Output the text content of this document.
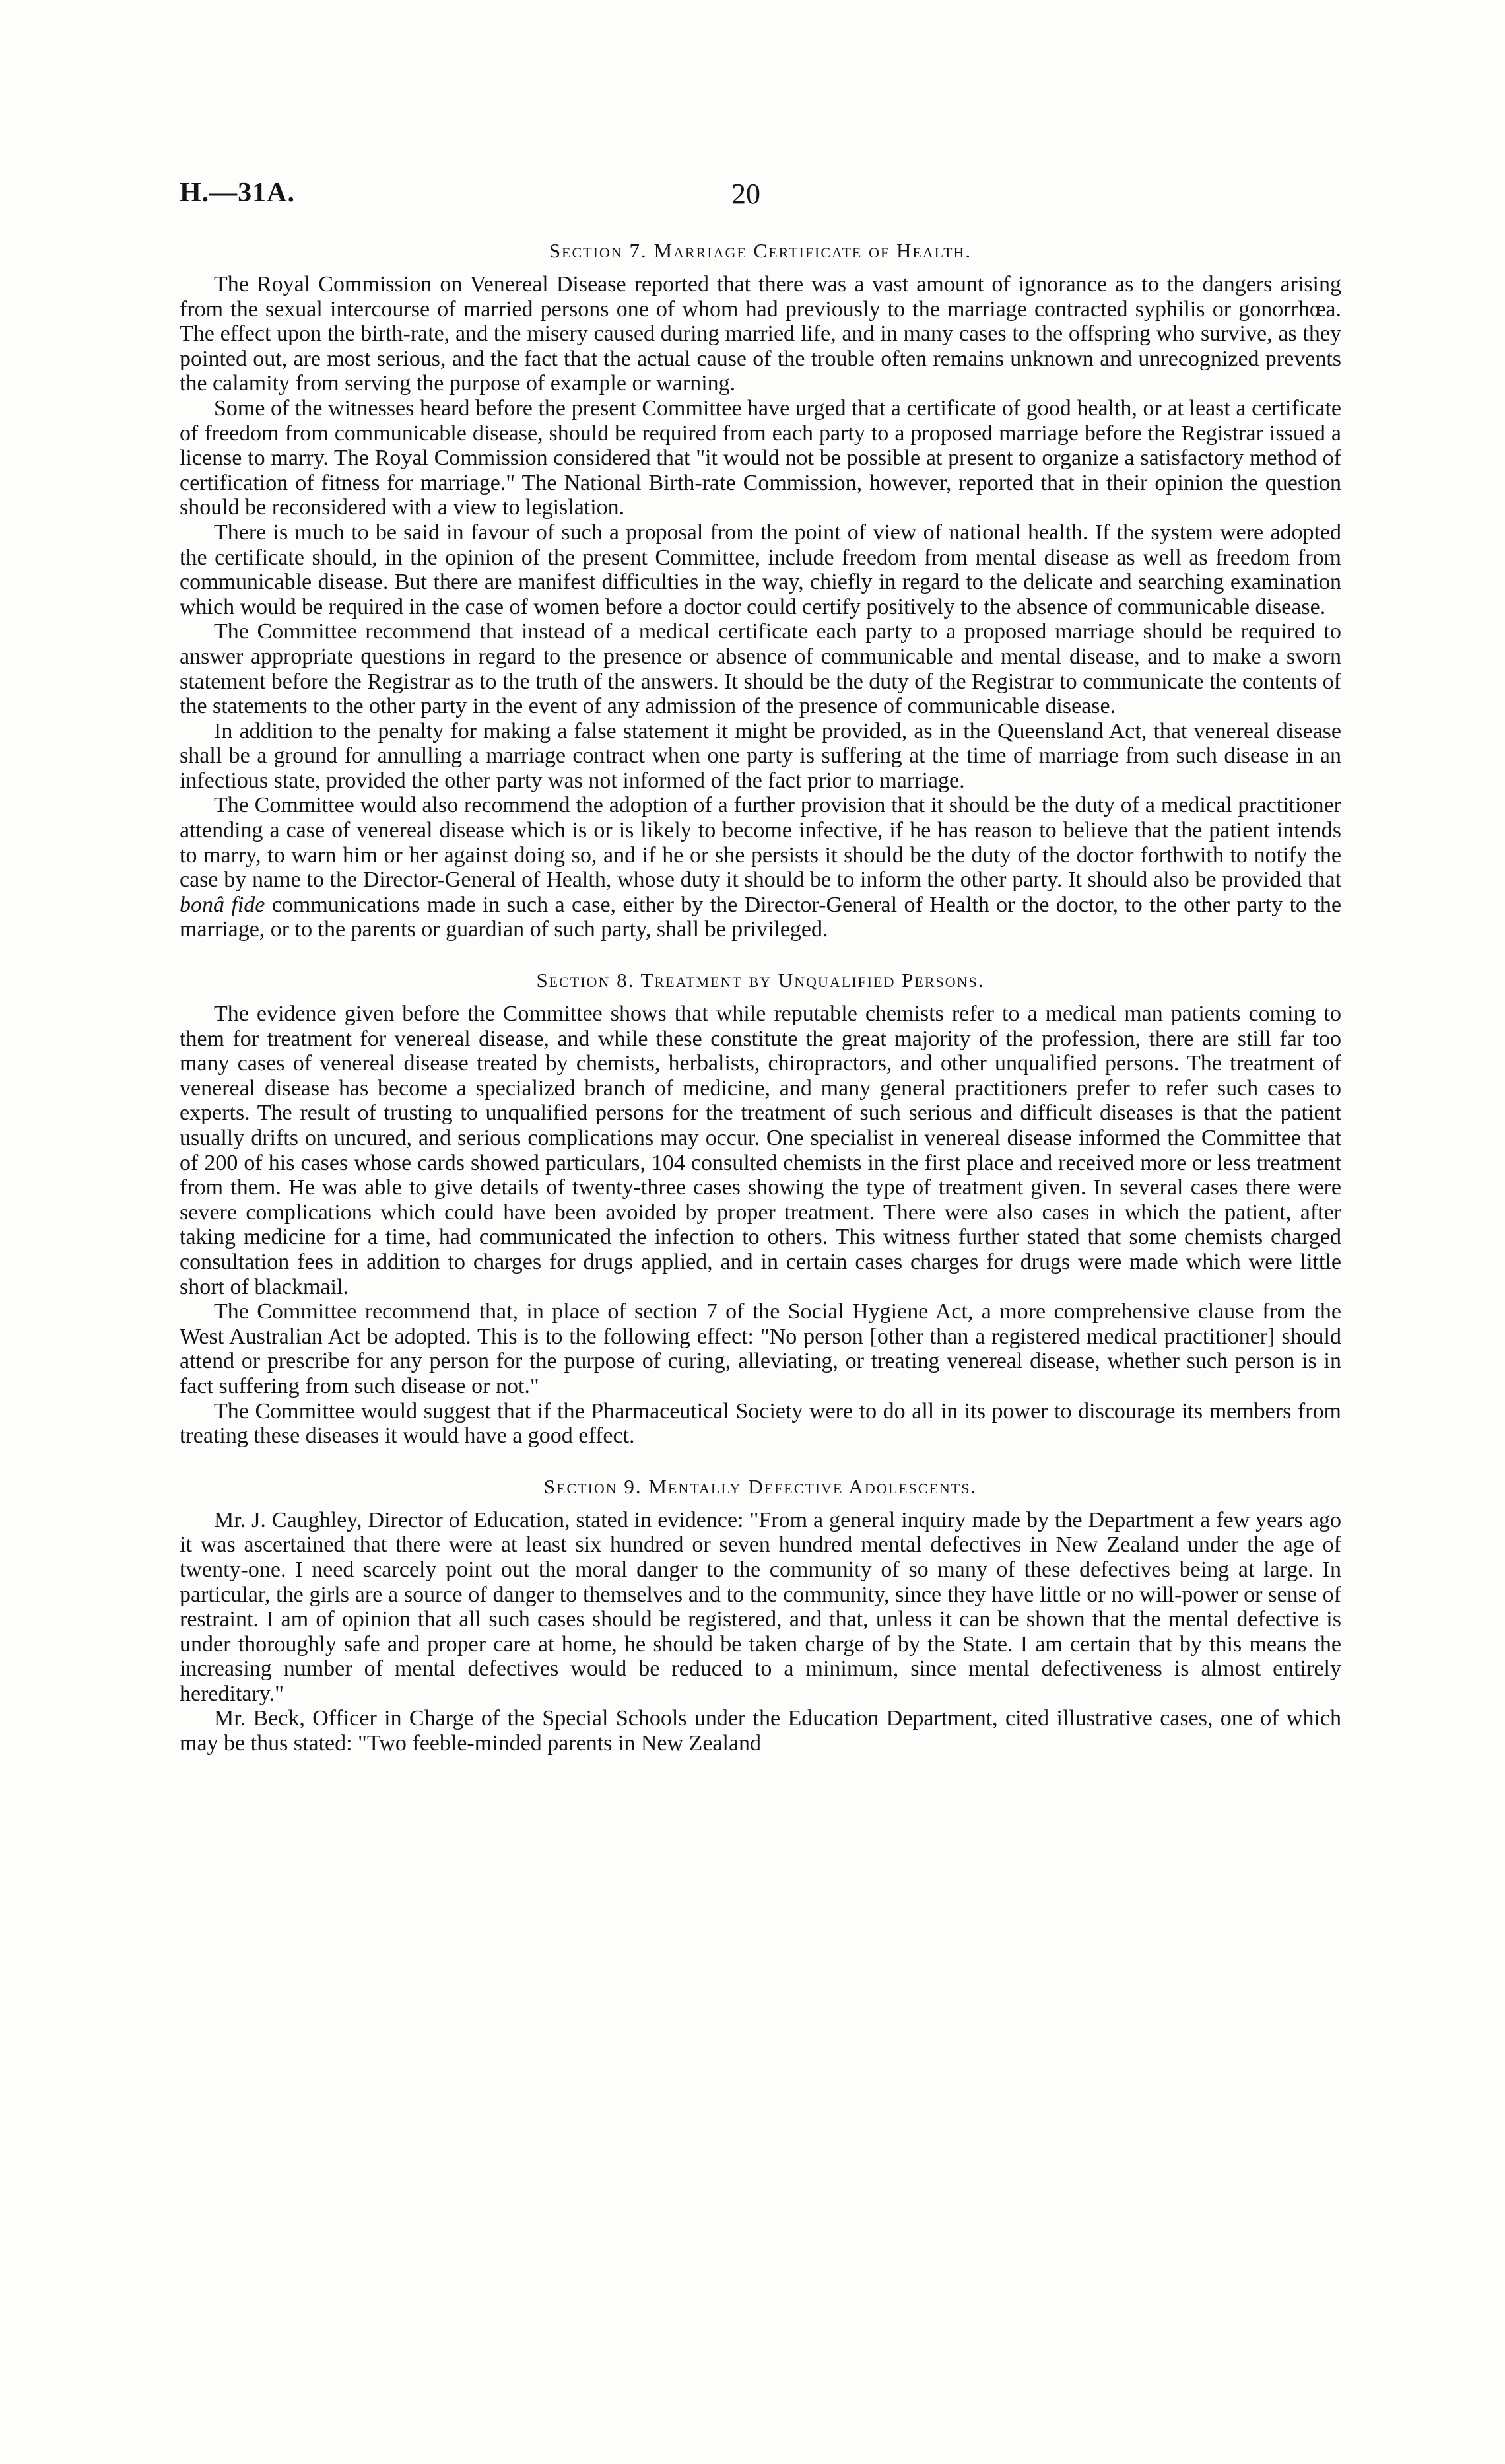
H.—31A.	20
Section 7. Marriage Certificate of Health.

The Royal Commission on Venereal Disease reported that there was a vast amount of ignorance as to the dangers arising from the sexual intercourse of married persons one of whom had previously to the marriage contracted syphilis or gonorrhœa. The effect upon the birth-rate, and the misery caused during married life, and in many cases to the offspring who survive, as they pointed out, are most serious, and the fact that the actual cause of the trouble often remains unknown and unrecognized prevents the calamity from serving the purpose of example or warning.

Some of the witnesses heard before the present Committee have urged that a certificate of good health, or at least a certificate of freedom from communicable disease, should be required from each party to a proposed marriage before the Registrar issued a license to marry. The Royal Commission considered that "it would not be possible at present to organize a satisfactory method of certification of fitness for marriage." The National Birth-rate Commission, however, reported that in their opinion the question should be reconsidered with a view to legislation.

There is much to be said in favour of such a proposal from the point of view of national health. If the system were adopted the certificate should, in the opinion of the present Committee, include freedom from mental disease as well as freedom from communicable disease. But there are manifest difficulties in the way, chiefly in regard to the delicate and searching examination which would be required in the case of women before a doctor could certify positively to the absence of communicable disease.

The Committee recommend that instead of a medical certificate each party to a proposed marriage should be required to answer appropriate questions in regard to the presence or absence of communicable and mental disease, and to make a sworn statement before the Registrar as to the truth of the answers. It should be the duty of the Registrar to communicate the contents of the statements to the other party in the event of any admission of the presence of communicable disease.

In addition to the penalty for making a false statement it might be provided, as in the Queensland Act, that venereal disease shall be a ground for annulling a marriage contract when one party is suffering at the time of marriage from such disease in an infectious state, provided the other party was not informed of the fact prior to marriage.

The Committee would also recommend the adoption of a further provision that it should be the duty of a medical practitioner attending a case of venereal disease which is or is likely to become infective, if he has reason to believe that the patient intends to marry, to warn him or her against doing so, and if he or she persists it should be the duty of the doctor forthwith to notify the case by name to the Director-General of Health, whose duty it should be to inform the other party. It should also be provided that bonâ fide communications made in such a case, either by the Director-General of Health or the doctor, to the other party to the marriage, or to the parents or guardian of such party, shall be privileged.

Section 8. Treatment by Unqualified Persons.

The evidence given before the Committee shows that while reputable chemists refer to a medical man patients coming to them for treatment for venereal disease, and while these constitute the great majority of the profession, there are still far too many cases of venereal disease treated by chemists, herbalists, chiropractors, and other unqualified persons. The treatment of venereal disease has become a specialized branch of medicine, and many general practitioners prefer to refer such cases to experts. The result of trusting to unqualified persons for the treatment of such serious and difficult diseases is that the patient usually drifts on uncured, and serious complications may occur. One specialist in venereal disease informed the Committee that of 200 of his cases whose cards showed particulars, 104 consulted chemists in the first place and received more or less treatment from them. He was able to give details of twenty-three cases showing the type of treatment given. In several cases there were severe complications which could have been avoided by proper treatment. There were also cases in which the patient, after taking medicine for a time, had communicated the infection to others. This witness further stated that some chemists charged consultation fees in addition to charges for drugs applied, and in certain cases charges for drugs were made which were little short of blackmail.

The Committee recommend that, in place of section 7 of the Social Hygiene Act, a more comprehensive clause from the West Australian Act be adopted. This is to the following effect: "No person [other than a registered medical practitioner] should attend or prescribe for any person for the purpose of curing, alleviating, or treating venereal disease, whether such person is in fact suffering from such disease or not."

The Committee would suggest that if the Pharmaceutical Society were to do all in its power to discourage its members from treating these diseases it would have a good effect.

Section 9. Mentally Defective Adolescents.

Mr. J. Caughley, Director of Education, stated in evidence: "From a general inquiry made by the Department a few years ago it was ascertained that there were at least six hundred or seven hundred mental defectives in New Zealand under the age of twenty-one. I need scarcely point out the moral danger to the community of so many of these defectives being at large. In particular, the girls are a source of danger to themselves and to the community, since they have little or no will-power or sense of restraint. I am of opinion that all such cases should be registered, and that, unless it can be shown that the mental defective is under thoroughly safe and proper care at home, he should be taken charge of by the State. I am certain that by this means the increasing number of mental defectives would be reduced to a minimum, since mental defectiveness is almost entirely hereditary."

Mr. Beck, Officer in Charge of the Special Schools under the Education Department, cited illustrative cases, one of which may be thus stated: "Two feeble-minded parents in New Zealand
